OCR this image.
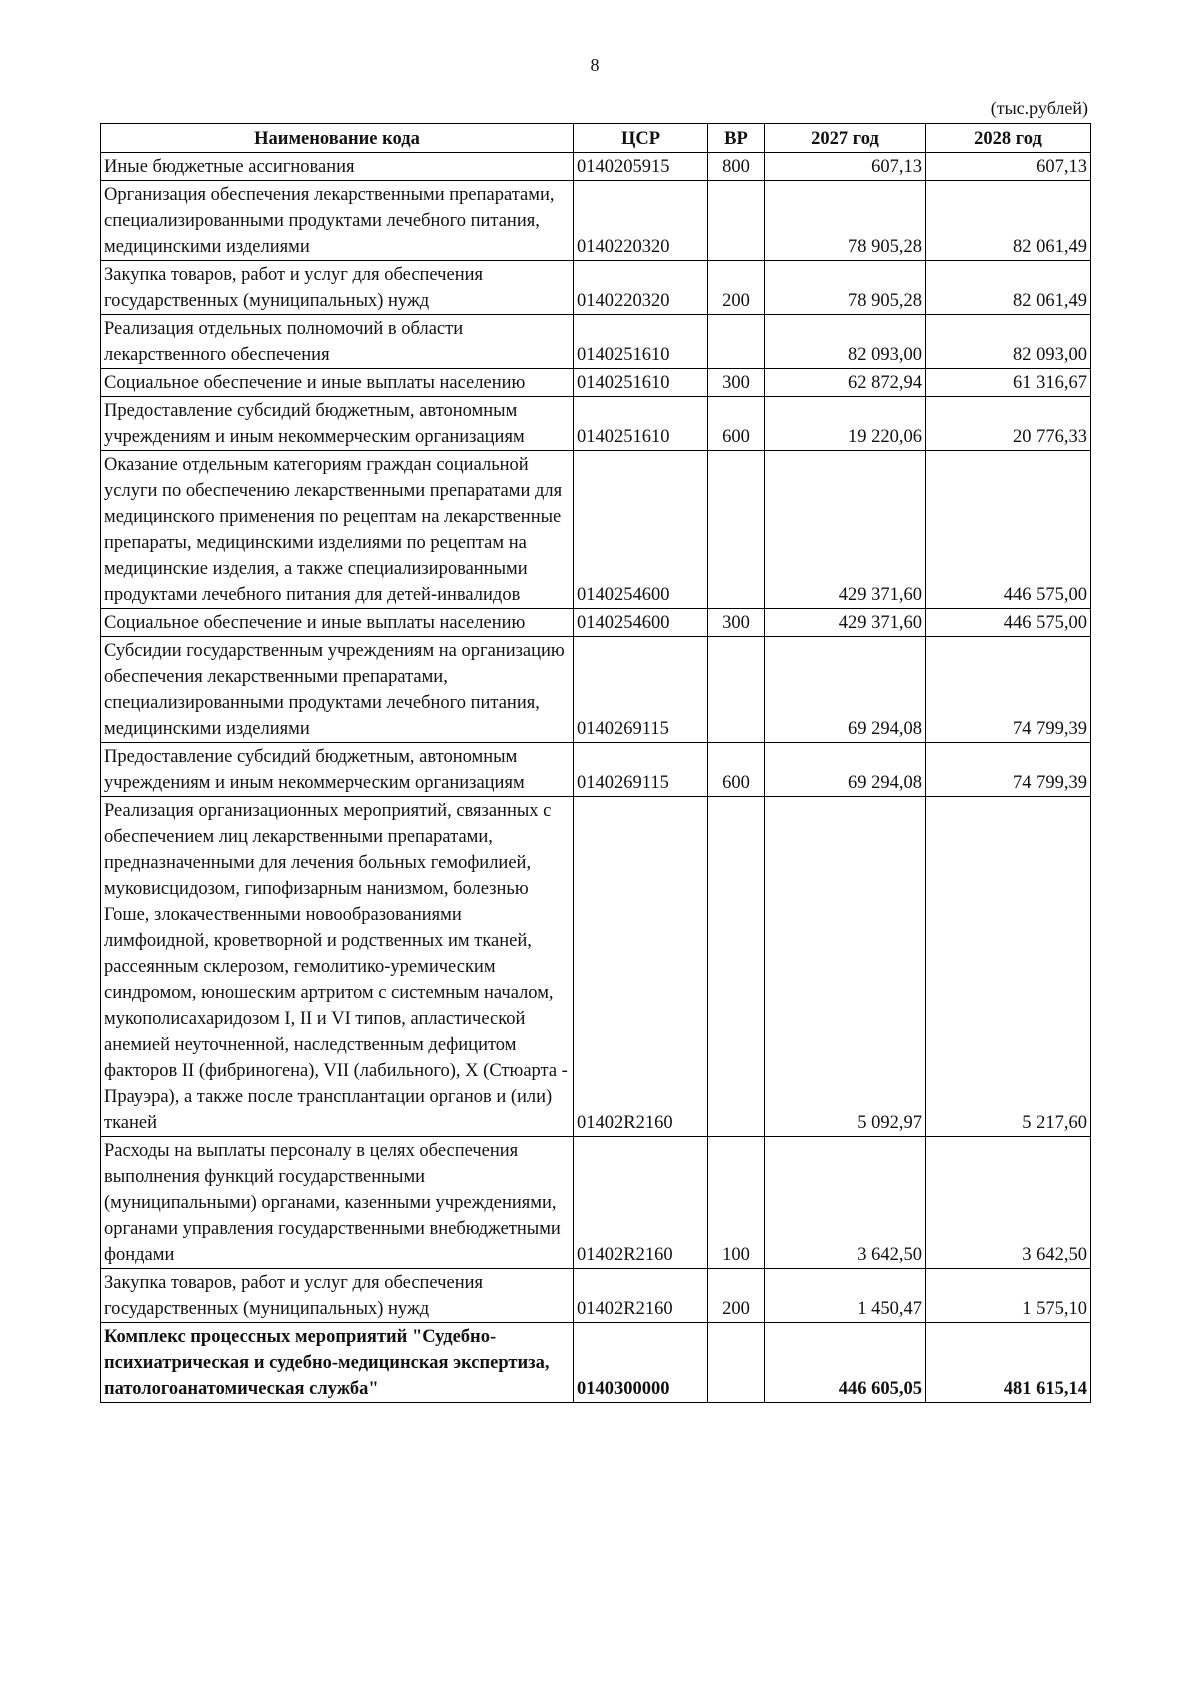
8
(тыс.рублей)
Наименование кода	ЦСР	ВР	2027 год	2028 год
Иные бюджетные ассигнования	0140205915	800	607,13	607,13
Организация обеспечения лекарственными препаратами, специализированными продуктами лечебного питания, медицинскими изделиями	0140220320		78 905,28	82 061,49
Закупка товаров, работ и услуг для обеспечения государственных (муниципальных) нужд	0140220320	200	78 905,28	82 061,49
Реализация отдельных полномочий в области лекарственного обеспечения	0140251610		82 093,00	82 093,00
Социальное обеспечение и иные выплаты населению	0140251610	300	62 872,94	61 316,67
Предоставление субсидий бюджетным, автономным учреждениям и иным некоммерческим организациям	0140251610	600	19 220,06	20 776,33
Оказание отдельным категориям граждан социальной услуги по обеспечению лекарственными препаратами для медицинского применения по рецептам на лекарственные препараты, медицинскими изделиями по рецептам на медицинские изделия, а также специализированными продуктами лечебного питания для детей-инвалидов	0140254600		429 371,60	446 575,00
Социальное обеспечение и иные выплаты населению	0140254600	300	429 371,60	446 575,00
Субсидии государственным учреждениям на организацию обеспечения лекарственными препаратами, специализированными продуктами лечебного питания, медицинскими изделиями	0140269115		69 294,08	74 799,39
Предоставление субсидий бюджетным, автономным учреждениям и иным некоммерческим организациям	0140269115	600	69 294,08	74 799,39
Реализация организационных мероприятий, связанных с обеспечением лиц лекарственными препаратами, предназначенными для лечения больных гемофилией, муковисцидозом, гипофизарным нанизмом, болезнью Гоше, злокачественными новообразованиями лимфоидной, кроветворной и родственных им тканей, рассеянным склерозом, гемолитико-уремическим синдромом, юношеским артритом с системным началом, мукополисахаридозом I, II и VI типов, апластической анемией неуточненной, наследственным дефицитом факторов II (фибриногена), VII (лабильного), X (Стюарта - Прауэра), а также после трансплантации органов и (или) тканей	01402R2160		5 092,97	5 217,60
Расходы на выплаты персоналу в целях обеспечения выполнения функций государственными (муниципальными) органами, казенными учреждениями, органами управления государственными внебюджетными фондами	01402R2160	100	3 642,50	3 642,50
Закупка товаров, работ и услуг для обеспечения государственных (муниципальных) нужд	01402R2160	200	1 450,47	1 575,10
Комплекс процессных мероприятий "Судебно-психиатрическая и судебно-медицинская экспертиза, патологоанатомическая служба"	0140300000		446 605,05	481 615,14
